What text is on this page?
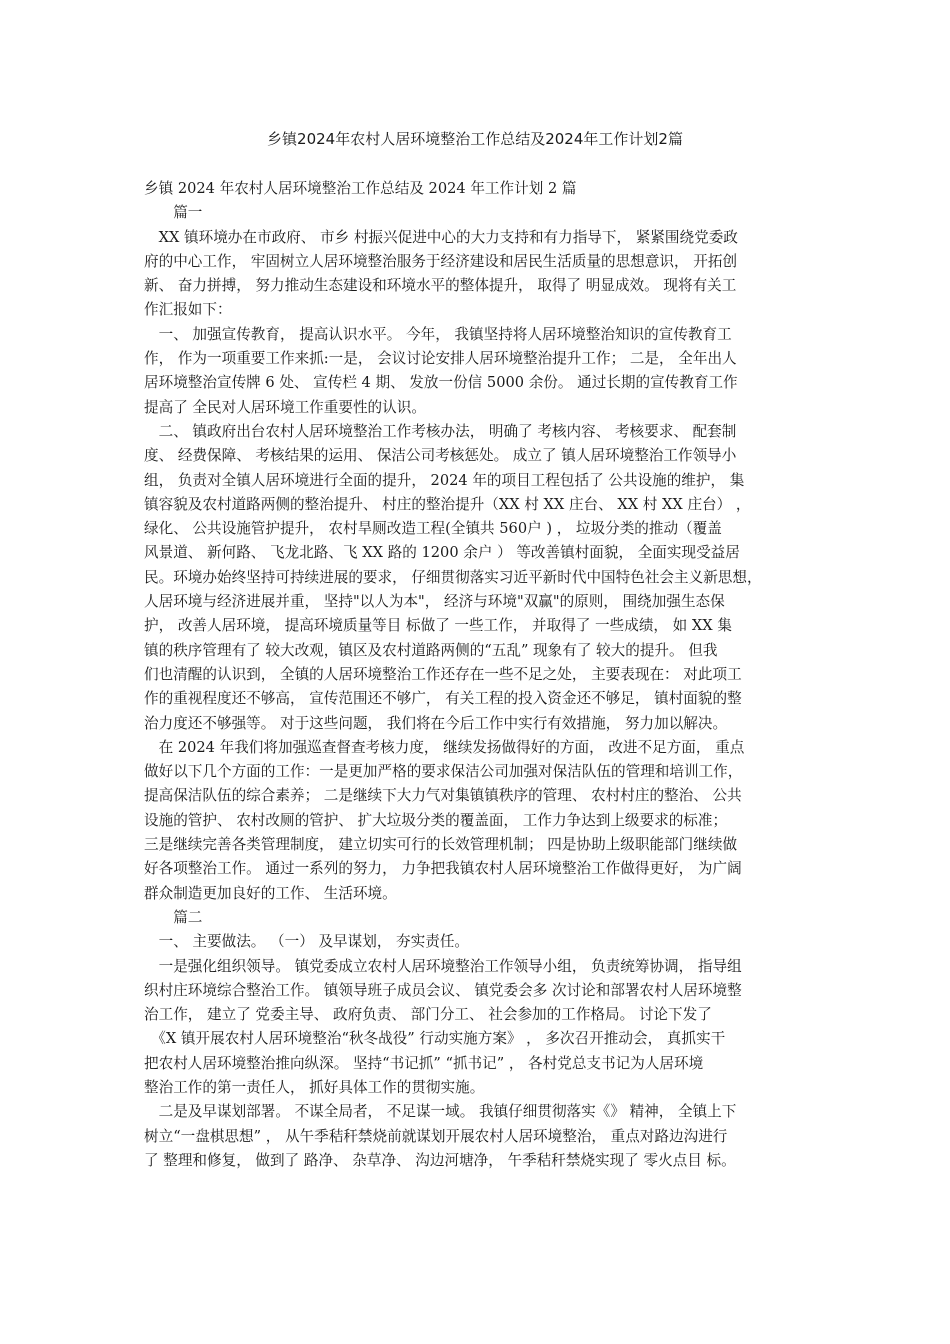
乡镇2024年农村人居环境整治工作总结及2024年工作计划2篇

乡镇 2024 年农村人居环境整治工作总结及 2024 年工作计划 2 篇

　　篇一

　XX 镇环境办在市政府、 市乡 村振兴促进中心的大力支持和有力指导下， 紧紧围绕党委政

府的中心工作， 牢固树立人居环境整治服务于经济建设和居民生活质量的思想意识， 开拓创

新、 奋力拼搏， 努力推动生态建设和环境水平的整体提升， 取得了 明显成效。 现将有关工

作汇报如下：

　一、 加强宣传教育， 提高认识水平。 今年， 我镇坚持将人居环境整治知识的宣传教育工

作， 作为一项重要工作来抓:一是， 会议讨论安排人居环境整治提升工作； 二是， 全年出人

居环境整治宣传牌 6 处、 宣传栏 4 期、 发放一份信 5000 余份。 通过长期的宣传教育工作

提高了 全民对人居环境工作重要性的认识。

　二、 镇政府出台农村人居环境整治工作考核办法， 明确了 考核内容、 考核要求、 配套制

度、 经费保障、 考核结果的运用、 保洁公司考核惩处。 成立了 镇人居环境整治工作领导小

组， 负责对全镇人居环境进行全面的提升， 2024 年的项目工程包括了 公共设施的维护， 集

镇容貌及农村道路两侧的整治提升、 村庄的整治提升（XX 村 XX 庄台、 XX 村 XX 庄台） ，

绿化、 公共设施管护提升， 农村旱厕改造工程(全镇共 560户 ) ， 垃圾分类的推动（覆盖

风景道、 新何路、 飞龙北路、飞 XX 路的 1200 余户 ） 等改善镇村面貌， 全面实现受益居

民。环境办始终坚持可持续进展的要求， 仔细贯彻落实习近平新时代中国特色社会主义新思想，

人居环境与经济进展并重， 坚持"以人为本"， 经济与环境"双赢"的原则， 围绕加强生态保

护， 改善人居环境， 提高环境质量等目 标做了 一些工作， 并取得了 一些成绩， 如 XX 集

镇的秩序管理有了 较大改观，镇区及农村道路两侧的“五乱” 现象有了 较大的提升。 但我

们也清醒的认识到， 全镇的人居环境整治工作还存在一些不足之处， 主要表现在： 对此项工

作的重视程度还不够高， 宣传范围还不够广， 有关工程的投入资金还不够足， 镇村面貌的整

治力度还不够强等。 对于这些问题， 我们将在今后工作中实行有效措施， 努力加以解决。

　在 2024 年我们将加强巡查督查考核力度， 继续发扬做得好的方面， 改进不足方面， 重点

做好以下几个方面的工作：一是更加严格的要求保洁公司加强对保洁队伍的管理和培训工作，

提高保洁队伍的综合素养； 二是继续下大力气对集镇镇秩序的管理、 农村村庄的整治、 公共

设施的管护、 农村改厕的管护、 扩大垃圾分类的覆盖面， 工作力争达到上级要求的标准；

三是继续完善各类管理制度， 建立切实可行的长效管理机制； 四是协助上级职能部门继续做

好各项整治工作。 通过一系列的努力， 力争把我镇农村人居环境整治工作做得更好， 为广阔

群众制造更加良好的工作、 生活环境。

　　篇二

　一、 主要做法。 （一） 及早谋划， 夯实责任。

　一是强化组织领导。 镇党委成立农村人居环境整治工作领导小组， 负责统筹协调， 指导组

织村庄环境综合整治工作。 镇领导班子成员会议、 镇党委会多 次讨论和部署农村人居环境整

治工作， 建立了 党委主导、 政府负责、 部门分工、 社会参加的工作格局。 讨论下发了

　《X 镇开展农村人居环境整治“秋冬战役” 行动实施方案》 ， 多次召开推动会， 真抓实干

把农村人居环境整治推向纵深。 坚持“书记抓” “抓书记” ， 各村党总支书记为人居环境

整治工作的第一责任人， 抓好具体工作的贯彻实施。

　二是及早谋划部署。 不谋全局者， 不足谋一域。 我镇仔细贯彻落实《》 精神， 全镇上下

树立“一盘棋思想” ， 从午季秸秆禁烧前就谋划开展农村人居环境整治， 重点对路边沟进行

了 整理和修复， 做到了 路净、 杂草净、 沟边河塘净， 午季秸秆禁烧实现了 零火点目 标。
